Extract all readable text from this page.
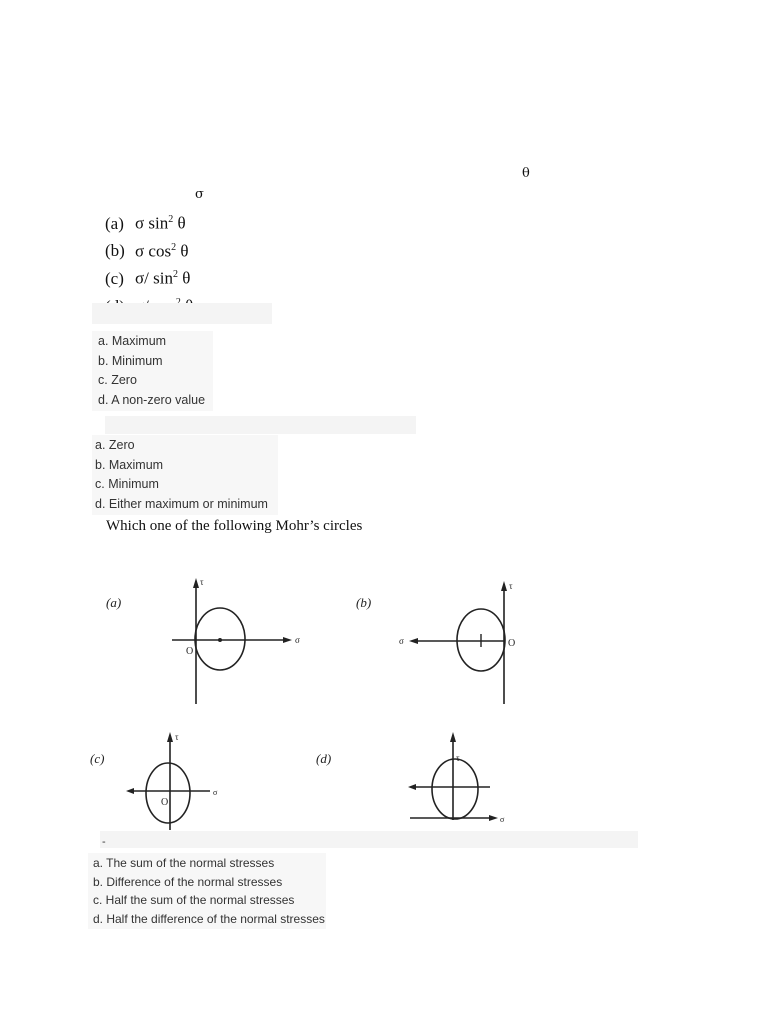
θ
σ
(a) σ $\sin^2 \theta$
(b) σ $\cos^2 \theta$
(c) σ/ $\sin^2 \theta$
a. Maximum
b. Minimum
c. Zero
d. A non-zero value
a. Zero
b. Maximum
c. Minimum
d. Either maximum or minimum
Which one of the following Mohr’s circles
(a)
τ
σ
O
(b)
τ
σ	O
(c)
τ
σ
O
(d)	τ
σ
-
a. The sum of the normal stresses
b. Difference of the normal stresses
c. Half the sum of the normal stresses
d. Half the difference of the normal stresses
